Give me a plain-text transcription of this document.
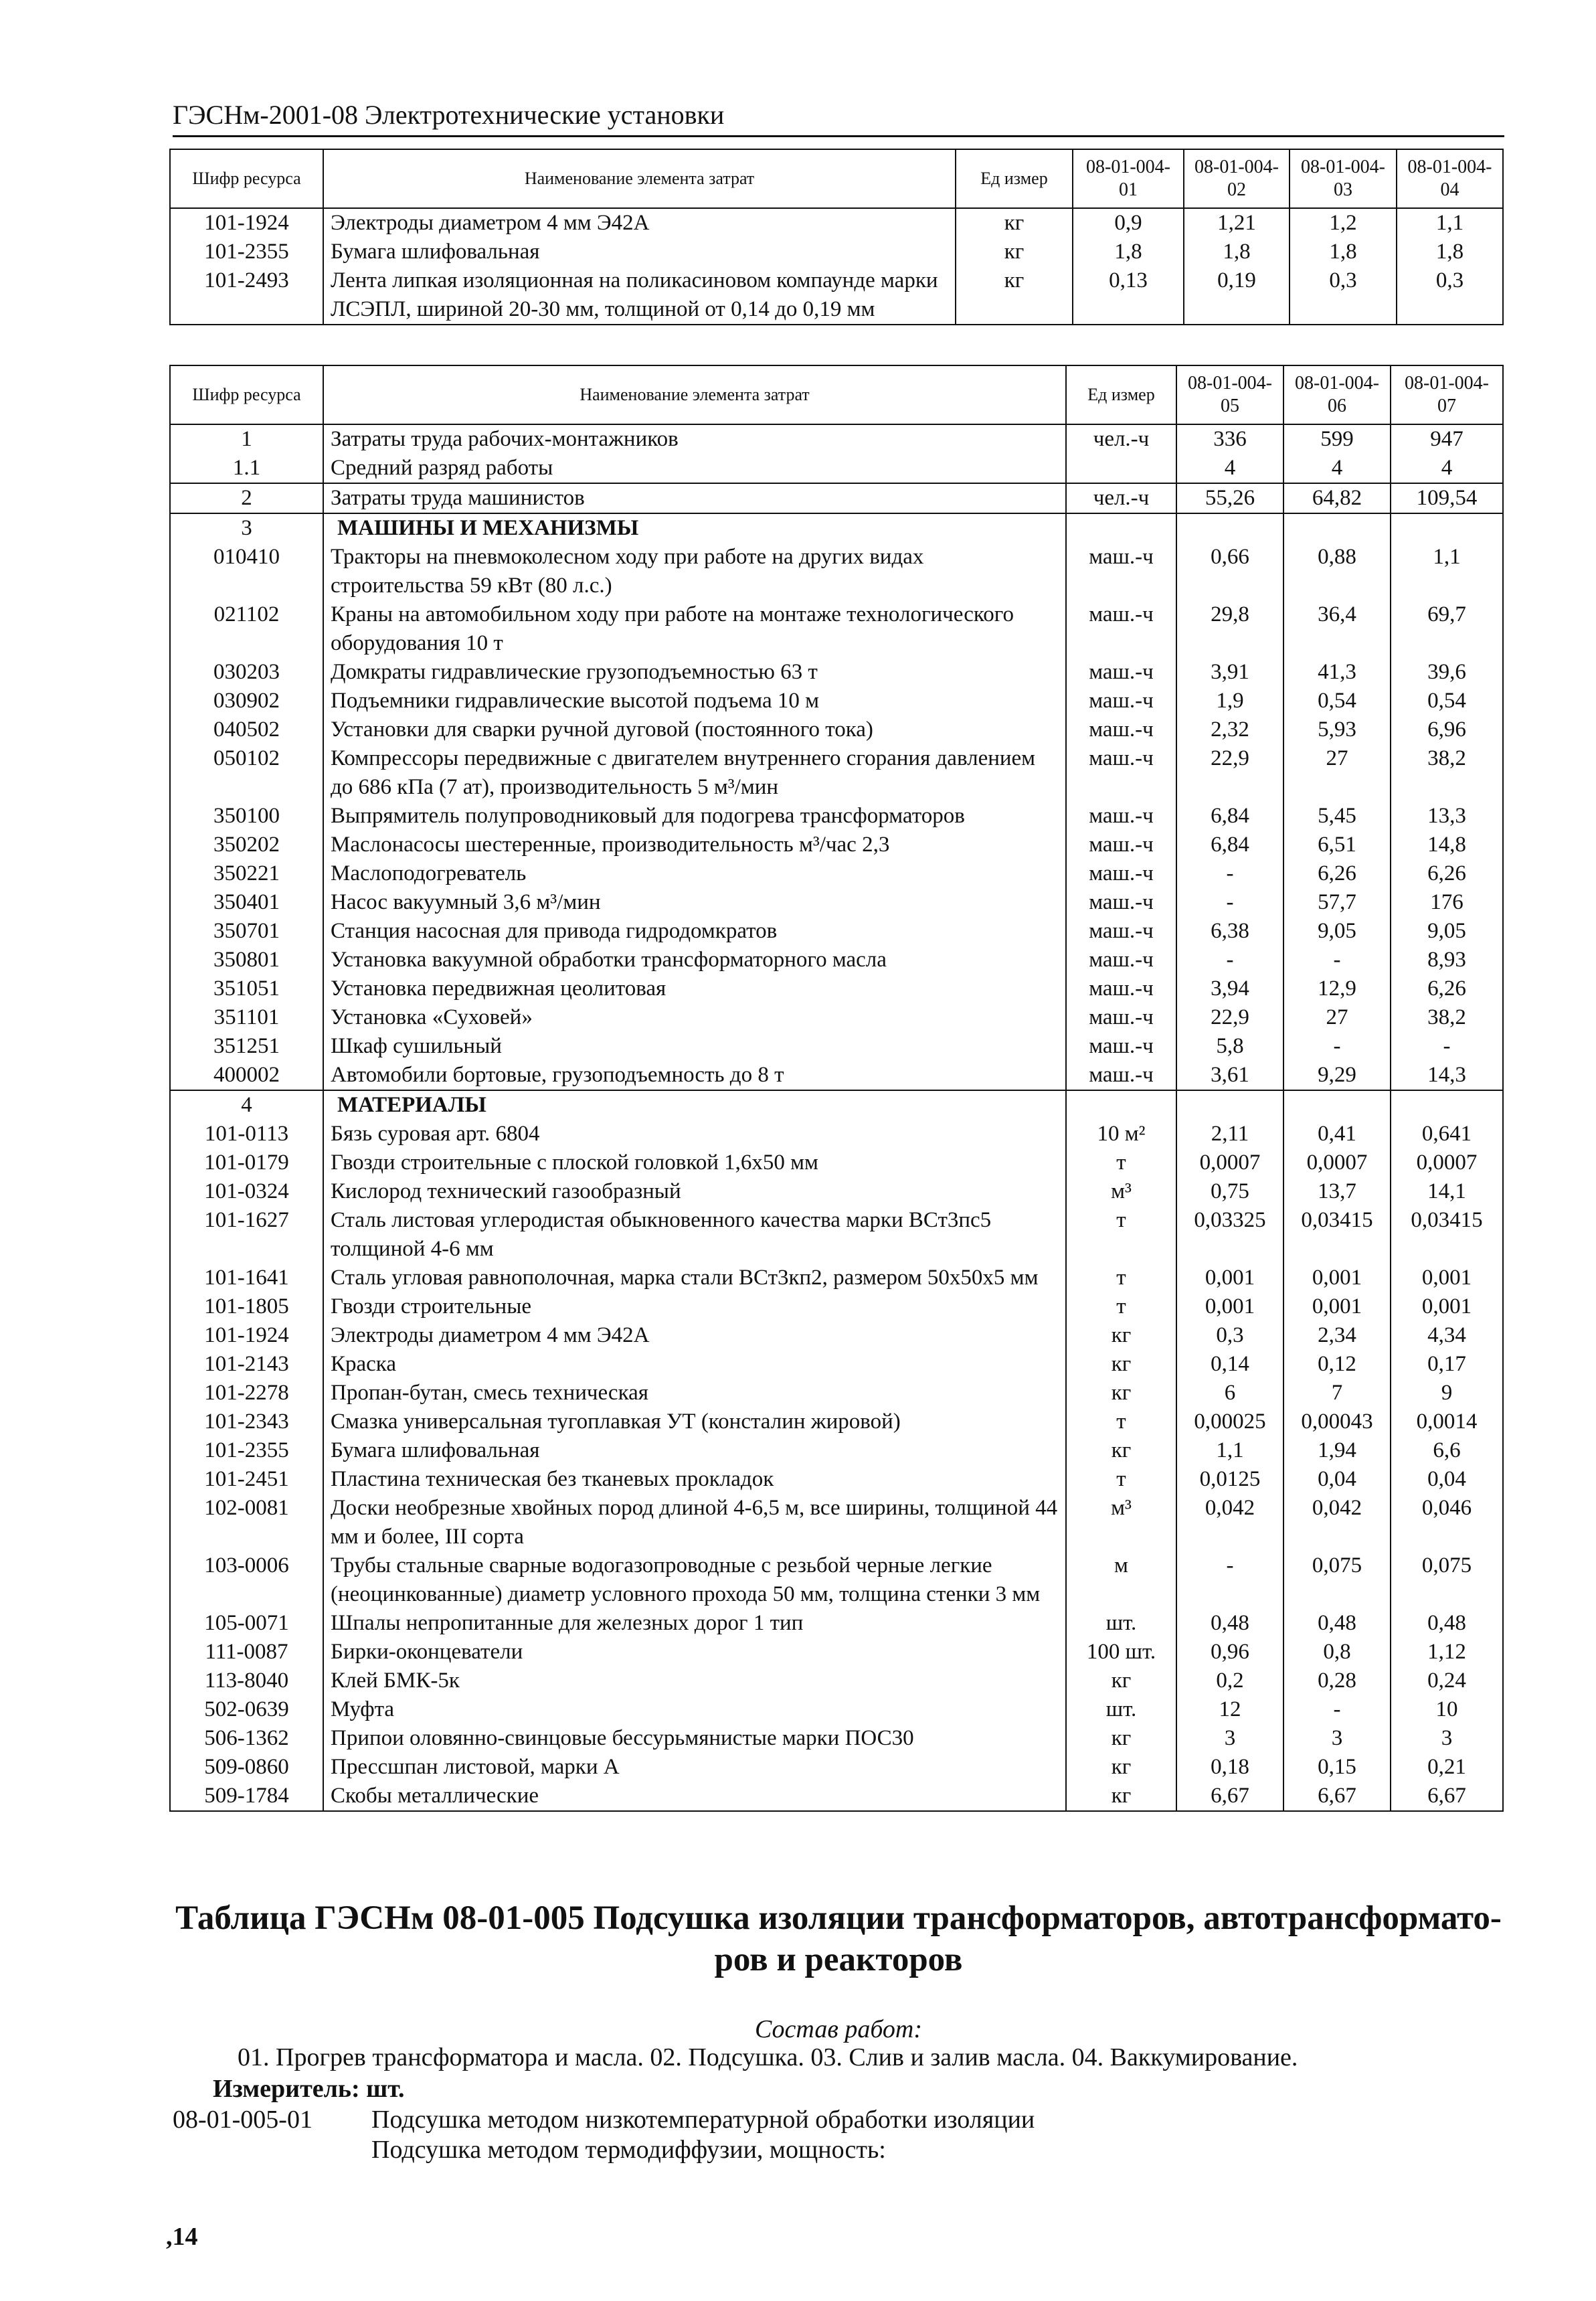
ГЭСНм-2001-08 Электротехнические установки
Шифр ресурса	Наименование элемента затрат	Ед измер	08-01-004-01	08-01-004-02	08-01-004-03	08-01-004-04
101-1924	Электроды диаметром 4 мм Э42А	кг	0,9	1,21	1,2	1,1
101-2355	Бумага шлифовальная	кг	1,8	1,8	1,8	1,8
101-2493	Лента липкая изоляционная на поликасиновом компаунде марки ЛСЭПЛ, шириной 20-30 мм, толщиной от 0,14 до 0,19 мм	кг	0,13	0,19	0,3	0,3
Шифр ресурса	Наименование элемента затрат	Ед измер	08-01-004-05	08-01-004-06	08-01-004-07
1	Затраты труда рабочих-монтажников	чел.-ч	336	599	947
1.1	Средний разряд работы		4	4	4
2	Затраты труда машинистов	чел.-ч	55,26	64,82	109,54
3	МАШИНЫ И МЕХАНИЗМЫ				
010410	Тракторы на пневмоколесном ходу при работе на других видах строительства 59 кВт (80 л.с.)	маш.-ч	0,66	0,88	1,1
021102	Краны на автомобильном ходу при работе на монтаже технологического оборудования 10 т	маш.-ч	29,8	36,4	69,7
030203	Домкраты гидравлические грузоподъемностью 63 т	маш.-ч	3,91	41,3	39,6
030902	Подъемники гидравлические высотой подъема 10 м	маш.-ч	1,9	0,54	0,54
040502	Установки для сварки ручной дуговой (постоянного тока)	маш.-ч	2,32	5,93	6,96
050102	Компрессоры передвижные с двигателем внутреннего сгорания давлением до 686 кПа (7 ат), производительность 5 м³/мин	маш.-ч	22,9	27	38,2
350100	Выпрямитель полупроводниковый для подогрева трансформаторов	маш.-ч	6,84	5,45	13,3
350202	Маслонасосы шестеренные, производительность м³/час 2,3	маш.-ч	6,84	6,51	14,8
350221	Маслоподогреватель	маш.-ч	-	6,26	6,26
350401	Насос вакуумный 3,6 м³/мин	маш.-ч	-	57,7	176
350701	Станция насосная для привода гидродомкратов	маш.-ч	6,38	9,05	9,05
350801	Установка вакуумной обработки трансформаторного масла	маш.-ч	-	-	8,93
351051	Установка передвижная цеолитовая	маш.-ч	3,94	12,9	6,26
351101	Установка «Суховей»	маш.-ч	22,9	27	38,2
351251	Шкаф сушильный	маш.-ч	5,8	-	-
400002	Автомобили бортовые, грузоподъемность до 8 т	маш.-ч	3,61	9,29	14,3
4	МАТЕРИАЛЫ				
101-0113	Бязь суровая арт. 6804	10 м²	2,11	0,41	0,641
101-0179	Гвозди строительные с плоской головкой 1,6х50 мм	т	0,0007	0,0007	0,0007
101-0324	Кислород технический газообразный	м³	0,75	13,7	14,1
101-1627	Сталь листовая углеродистая обыкновенного качества марки ВСт3пс5 толщиной 4-6 мм	т	0,03325	0,03415	0,03415
101-1641	Сталь угловая равнополочная, марка стали ВСт3кп2, размером 50х50х5 мм	т	0,001	0,001	0,001
101-1805	Гвозди строительные	т	0,001	0,001	0,001
101-1924	Электроды диаметром 4 мм Э42А	кг	0,3	2,34	4,34
101-2143	Краска	кг	0,14	0,12	0,17
101-2278	Пропан-бутан, смесь техническая	кг	6	7	9
101-2343	Смазка универсальная тугоплавкая УТ (консталин жировой)	т	0,00025	0,00043	0,0014
101-2355	Бумага шлифовальная	кг	1,1	1,94	6,6
101-2451	Пластина техническая без тканевых прокладок	т	0,0125	0,04	0,04
102-0081	Доски необрезные хвойных пород длиной 4-6,5 м, все ширины, толщиной 44 мм и более, III сорта	м³	0,042	0,042	0,046
103-0006	Трубы стальные сварные водогазопроводные с резьбой черные легкие (неоцинкованные) диаметр условного прохода 50 мм, толщина стенки 3 мм	м	-	0,075	0,075
105-0071	Шпалы непропитанные для железных дорог 1 тип	шт.	0,48	0,48	0,48
111-0087	Бирки-оконцеватели	100 шт.	0,96	0,8	1,12
113-8040	Клей БМК-5к	кг	0,2	0,28	0,24
502-0639	Муфта	шт.	12	-	10
506-1362	Припои оловянно-свинцовые бессурьмянистые марки ПОС30	кг	3	3	3
509-0860	Прессшпан листовой, марки А	кг	0,18	0,15	0,21
509-1784	Скобы металлические	кг	6,67	6,67	6,67
Таблица ГЭСНм 08-01-005 Подсушка изоляции трансформаторов, автотрансформато-
ров и реакторов
Состав работ:
01. Прогрев трансформатора и масла. 02. Подсушка. 03. Слив и залив масла. 04. Ваккумирование.
Измеритель: шт.
08-01-005-01 Подсушка методом низкотемпературной обработки изоляции
Подсушка методом термодиффузии, мощность:
,14
